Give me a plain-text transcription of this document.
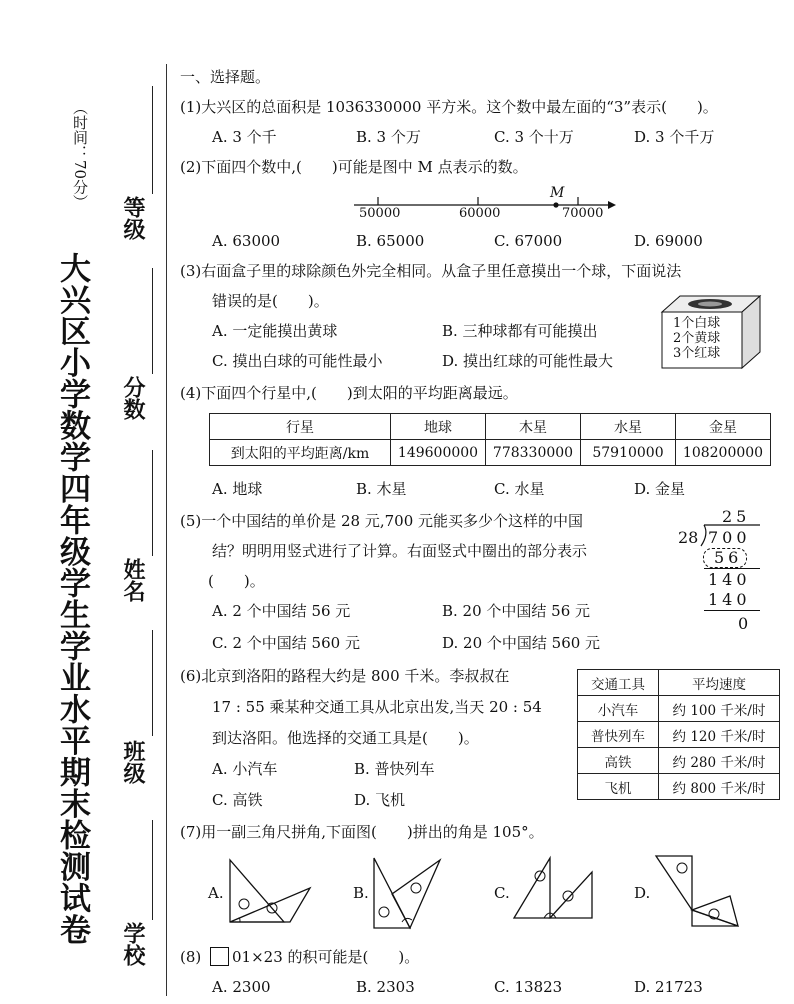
大兴区小学数学四年级学生学业水平期末检测试卷
（时间：70分）
等级
分数
姓名
班级
学校
一、选择题。
(1)大兴区的总面积是 1036330000 平方米。这个数中最左面的“3”表示(　　)。
A. 3 个千	B. 3 个万	C. 3 个十万	D. 3 个千万
(2)下面四个数中,(　　)可能是图中 M 点表示的数。
M
50000	60000	70000
A. 63000	B. 65000	C. 67000	D. 69000
(3)右面盒子里的球除颜色外完全相同。从盒子里任意摸出一个球，下面说法
错误的是(　　)。
1个白球
2个黄球
3个红球
A. 一定能摸出黄球	B. 三种球都有可能摸出
C. 摸出白球的可能性最小	D. 摸出红球的可能性最大
(4)下面四个行星中,(　　)到太阳的平均距离最远。
行星	地球	木星	水星	金星
到太阳的平均距离/km	149600000	778330000	57910000	108200000
A. 地球	B. 木星	C. 水星	D. 金星
(5)一个中国结的单价是 28 元,700 元能买多少个这样的中国
结？明明用竖式进行了计算。右面竖式中圈出的部分表示
(　　)。
25
28 700
56
140
140
0
A. 2 个中国结 56 元	B. 20 个中国结 56 元
C. 2 个中国结 560 元	D. 20 个中国结 560 元
(6)北京到洛阳的路程大约是 800 千米。李叔叔在
17 : 55 乘某种交通工具从北京出发,当天 20 : 54
到达洛阳。他选择的交通工具是(　　)。
交通工具	平均速度
小汽车	约 100 千米/时
普快列车	约 120 千米/时
高铁	约 280 千米/时
飞机	约 800 千米/时
A. 小汽车	B. 普快列车
C. 高铁	D. 飞机
(7)用一副三角尺拼角,下面图(　　)拼出的角是 105°。
A.	B.	C.	D.
(8) 01×23 的积可能是(　　)。
A. 2300	B. 2303	C. 13823	D. 21723
